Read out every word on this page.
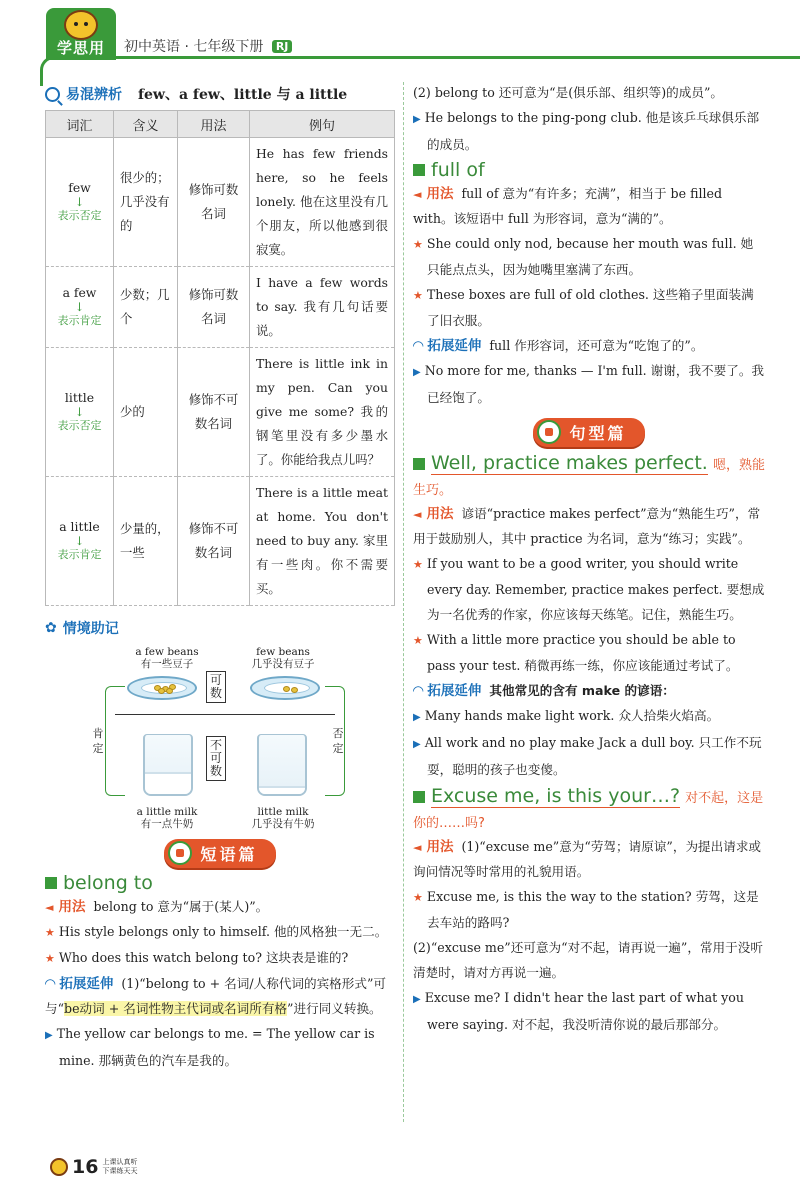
学思用	初中英语 · 七年级下册 RJ
易混辨析 few、a few、little 与 a little
词汇	含义	用法	例句

few
↓
表示否定	很少的；几乎没有的	修饰可数名词	He has few friends here, so he feels lonely. 他在这里没有几个朋友，所以他感到很寂寞。

a few
↓
表示肯定	少数；几个	修饰可数名词	I have a few words to say. 我有几句话要说。

little
↓
表示否定	少的	修饰不可数名词	There is little ink in my pen. Can you give me some? 我的钢笔里没有多少墨水了。你能给我点儿吗？

a little
↓
表示肯定	少量的，一些	修饰不可数名词	There is a little meat at home. You don't need to buy any. 家里有一些肉。你不需要买。
✿ 情境助记
a few beans
有一些豆子
few beans
几乎没有豆子
可数
不可数
肯定
否定
a little milk
有一点牛奶
little milk
几乎没有牛奶
短语篇
belong to

◄ 用法 belong to 意为“属于(某人)”。

★ His style belongs only to himself. 他的风格独一无二。

★ Who does this watch belong to? 这块表是谁的?

◠ 拓展延伸 (1)“belong to + 名词/人称代词的宾格形式”可与“be动词 + 名词性物主代词或名词所有格”进行同义转换。

▶ The yellow car belongs to me. = The yellow car is mine. 那辆黄色的汽车是我的。

(2) belong to 还可意为“是(俱乐部、组织等)的成员”。

▶ He belongs to the ping-pong club. 他是该乒乓球俱乐部的成员。

full of

◄ 用法 full of 意为“有许多；充满”，相当于 be filled with。该短语中 full 为形容词，意为“满的”。

★ She could only nod, because her mouth was full. 她只能点点头，因为她嘴里塞满了东西。

★ These boxes are full of old clothes. 这些箱子里面装满了旧衣服。

◠ 拓展延伸 full 作形容词，还可意为“吃饱了的”。

▶ No more for me, thanks — I'm full. 谢谢，我不要了。我已经饱了。

句型篇
Well, practice makes perfect. 嗯，熟能生巧。

◄ 用法 谚语“practice makes perfect”意为“熟能生巧”，常用于鼓励别人，其中 practice 为名词，意为“练习；实践”。

★ If you want to be a good writer, you should write every day. Remember, practice makes perfect. 要想成为一名优秀的作家，你应该每天练笔。记住，熟能生巧。

★ With a little more practice you should be able to pass your test. 稍微再练一练，你应该能通过考试了。

◠ 拓展延伸 其他常见的含有 make 的谚语：

▶ Many hands make light work. 众人拾柴火焰高。

▶ All work and no play make Jack a dull boy. 只工作不玩耍，聪明的孩子也变傻。

Excuse me, is this your…? 对不起，这是你的……吗?

◄ 用法 (1)“excuse me”意为“劳驾；请原谅”，为提出请求或询问情况等时常用的礼貌用语。

★ Excuse me, is this the way to the station? 劳驾，这是去车站的路吗?

(2)“excuse me”还可意为“对不起，请再说一遍”，常用于没听清楚时，请对方再说一遍。

▶ Excuse me? I didn't hear the last part of what you were saying. 对不起，我没听清你说的最后那部分。

16 上课认真听
下课练天天
